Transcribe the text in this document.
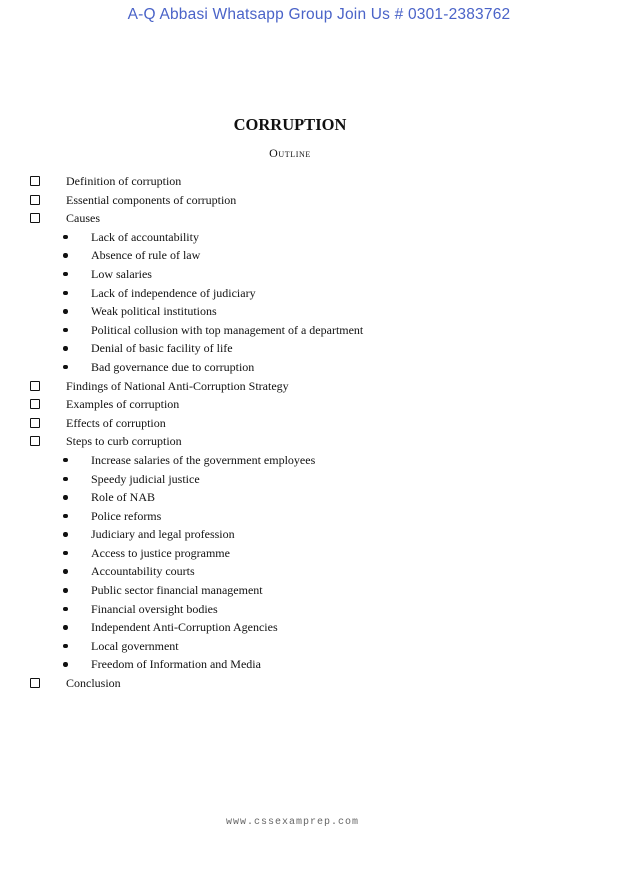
A-Q Abbasi Whatsapp Group Join Us # 0301-2383762
CORRUPTION
Outline
Definition of corruption
Essential components of corruption
Causes
Lack of accountability
Absence of rule of law
Low salaries
Lack of independence of judiciary
Weak political institutions
Political collusion with top management of a department
Denial of basic facility of life
Bad governance due to corruption
Findings of National Anti-Corruption Strategy
Examples of corruption
Effects of corruption
Steps to curb corruption
Increase salaries of the government employees
Speedy judicial justice
Role of NAB
Police reforms
Judiciary and legal profession
Access to justice programme
Accountability courts
Public sector financial management
Financial oversight bodies
Independent Anti-Corruption Agencies
Local government
Freedom of Information and Media
Conclusion
www.cssexamprep.com
